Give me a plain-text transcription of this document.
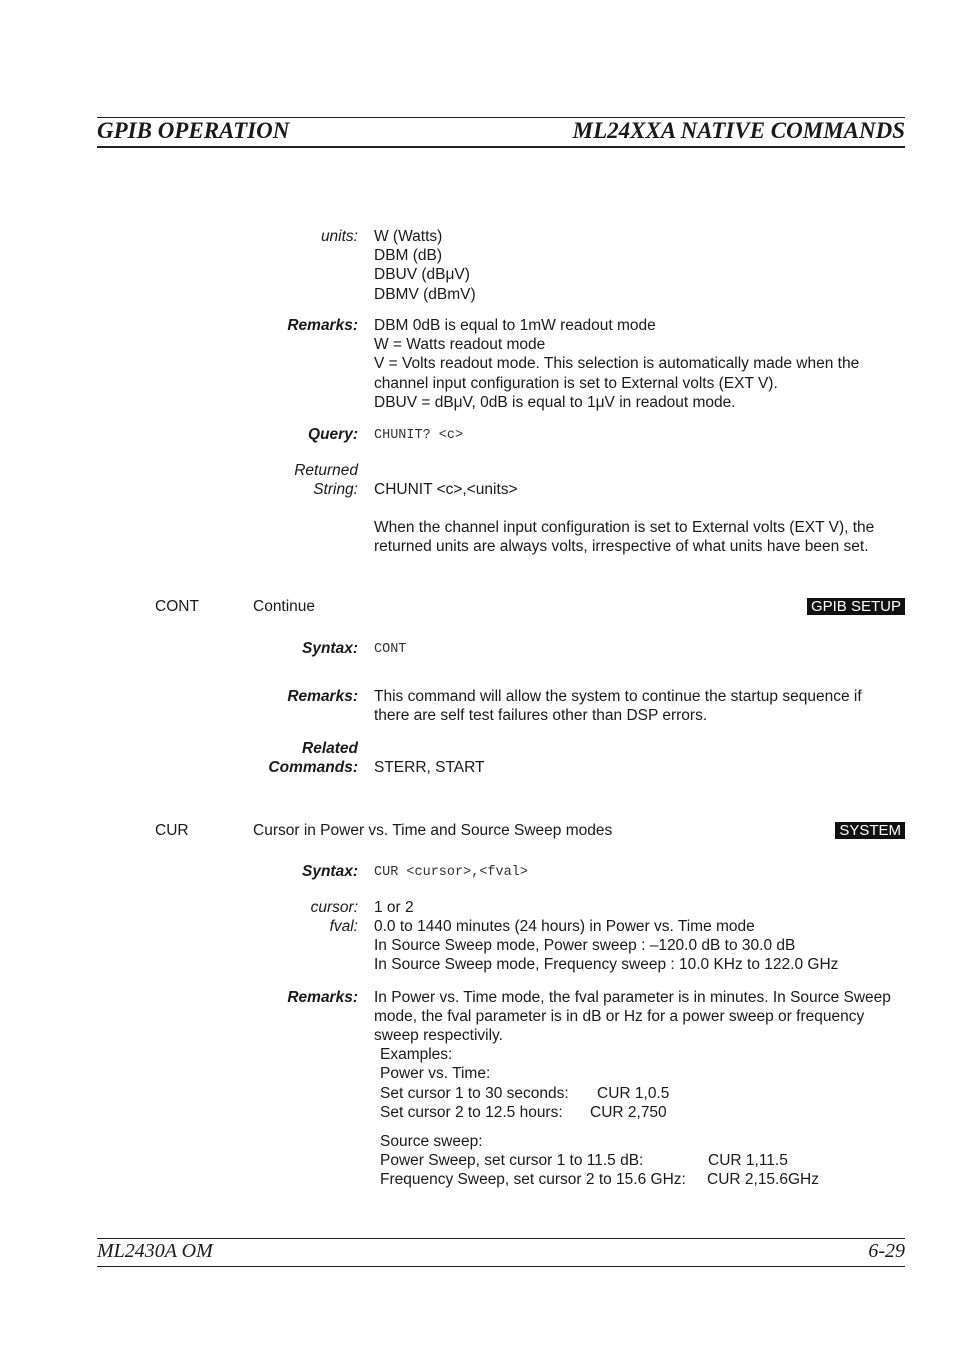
GPIB OPERATION	ML24XXA NATIVE COMMANDS
units: W (Watts)
DBM (dB)
DBUV (dBμV)
DBMV (dBmV)
Remarks: DBM 0dB is equal to 1mW readout mode
W = Watts readout mode
V = Volts readout mode. This selection is automatically made when the
channel input configuration is set to External volts (EXT V).
DBUV = dBμV, 0dB is equal to 1μV in readout mode.
Query: CHUNIT? <c>
Returned
String: CHUNIT <c>,<units>
When the channel input configuration is set to External volts (EXT V), the
returned units are always volts, irrespective of what units have been set.
CONT	Continue	GPIB SETUP
Syntax: CONT
Remarks: This command will allow the system to continue the startup sequence if
there are self test failures other than DSP errors.
Related
Commands: STERR, START
CUR	Cursor in Power vs. Time and Source Sweep modes	SYSTEM
Syntax: CUR <cursor>,<fval>
cursor: 1 or 2
fval: 0.0 to 1440 minutes (24 hours) in Power vs. Time mode
In Source Sweep mode, Power sweep : –120.0 dB to 30.0 dB
In Source Sweep mode, Frequency sweep : 10.0 KHz to 122.0 GHz
Remarks: In Power vs. Time mode, the fval parameter is in minutes. In Source Sweep
mode, the fval parameter is in dB or Hz for a power sweep or frequency
sweep respectivily.
Examples:
Power vs. Time:
Set cursor 1 to 30 seconds: CUR 1,0.5
Set cursor 2 to 12.5 hours: CUR 2,750
Source sweep:
Power Sweep, set cursor 1 to 11.5 dB:	CUR 1,11.5
Frequency Sweep, set cursor 2 to 15.6 GHz: CUR 2,15.6GHz
ML2430A OM	6-29
